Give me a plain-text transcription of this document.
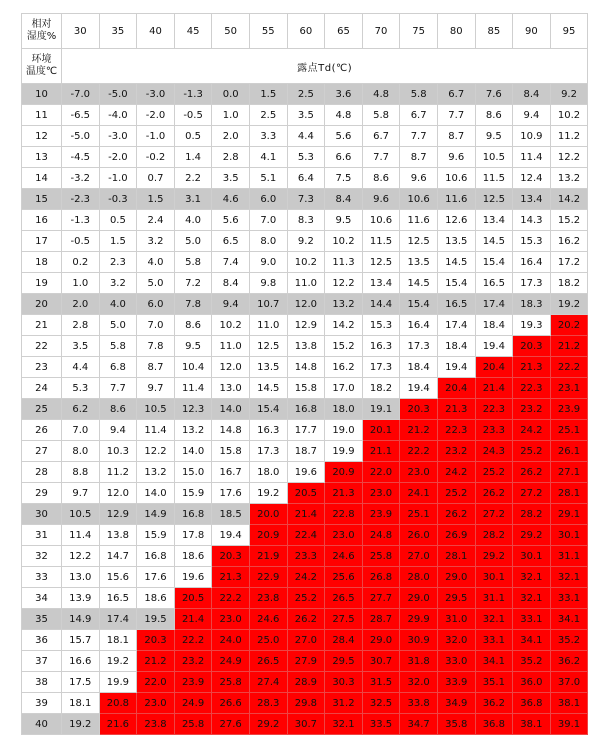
相对
湿度%	30	35	40	45	50	55	60	65	70	75	80	85	90	95
环境
温度℃	露点Td(℃)													
10	-7.0	-5.0	-3.0	-1.3	0.0	1.5	2.5	3.6	4.8	5.8	6.7	7.6	8.4	9.2
11	-6.5	-4.0	-2.0	-0.5	1.0	2.5	3.5	4.8	5.8	6.7	7.7	8.6	9.4	10.2
12	-5.0	-3.0	-1.0	0.5	2.0	3.3	4.4	5.6	6.7	7.7	8.7	9.5	10.9	11.2
13	-4.5	-2.0	-0.2	1.4	2.8	4.1	5.3	6.6	7.7	8.7	9.6	10.5	11.4	12.2
14	-3.2	-1.0	0.7	2.2	3.5	5.1	6.4	7.5	8.6	9.6	10.6	11.5	12.4	13.2
15	-2.3	-0.3	1.5	3.1	4.6	6.0	7.3	8.4	9.6	10.6	11.6	12.5	13.4	14.2
16	-1.3	0.5	2.4	4.0	5.6	7.0	8.3	9.5	10.6	11.6	12.6	13.4	14.3	15.2
17	-0.5	1.5	3.2	5.0	6.5	8.0	9.2	10.2	11.5	12.5	13.5	14.5	15.3	16.2
18	0.2	2.3	4.0	5.8	7.4	9.0	10.2	11.3	12.5	13.5	14.5	15.4	16.4	17.2
19	1.0	3.2	5.0	7.2	8.4	9.8	11.0	12.2	13.4	14.5	15.4	16.5	17.3	18.2
20	2.0	4.0	6.0	7.8	9.4	10.7	12.0	13.2	14.4	15.4	16.5	17.4	18.3	19.2
21	2.8	5.0	7.0	8.6	10.2	11.0	12.9	14.2	15.3	16.4	17.4	18.4	19.3	20.2
22	3.5	5.8	7.8	9.5	11.0	12.5	13.8	15.2	16.3	17.3	18.4	19.4	20.3	21.2
23	4.4	6.8	8.7	10.4	12.0	13.5	14.8	16.2	17.3	18.4	19.4	20.4	21.3	22.2
24	5.3	7.7	9.7	11.4	13.0	14.5	15.8	17.0	18.2	19.4	20.4	21.4	22.3	23.1
25	6.2	8.6	10.5	12.3	14.0	15.4	16.8	18.0	19.1	20.3	21.3	22.3	23.2	23.9
26	7.0	9.4	11.4	13.2	14.8	16.3	17.7	19.0	20.1	21.2	22.3	23.3	24.2	25.1
27	8.0	10.3	12.2	14.0	15.8	17.3	18.7	19.9	21.1	22.2	23.2	24.3	25.2	26.1
28	8.8	11.2	13.2	15.0	16.7	18.0	19.6	20.9	22.0	23.0	24.2	25.2	26.2	27.1
29	9.7	12.0	14.0	15.9	17.6	19.2	20.5	21.3	23.0	24.1	25.2	26.2	27.2	28.1
30	10.5	12.9	14.9	16.8	18.5	20.0	21.4	22.8	23.9	25.1	26.2	27.2	28.2	29.1
31	11.4	13.8	15.9	17.8	19.4	20.9	22.4	23.0	24.8	26.0	26.9	28.2	29.2	30.1
32	12.2	14.7	16.8	18.6	20.3	21.9	23.3	24.6	25.8	27.0	28.1	29.2	30.1	31.1
33	13.0	15.6	17.6	19.6	21.3	22.9	24.2	25.6	26.8	28.0	29.0	30.1	32.1	32.1
34	13.9	16.5	18.6	20.5	22.2	23.8	25.2	26.5	27.7	29.0	29.5	31.1	32.1	33.1
35	14.9	17.4	19.5	21.4	23.0	24.6	26.2	27.5	28.7	29.9	31.0	32.1	33.1	34.1
36	15.7	18.1	20.3	22.2	24.0	25.0	27.0	28.4	29.0	30.9	32.0	33.1	34.1	35.2
37	16.6	19.2	21.2	23.2	24.9	26.5	27.9	29.5	30.7	31.8	33.0	34.1	35.2	36.2
38	17.5	19.9	22.0	23.9	25.8	27.4	28.9	30.3	31.5	32.0	33.9	35.1	36.0	37.0
39	18.1	20.8	23.0	24.9	26.6	28.3	29.8	31.2	32.5	33.8	34.9	36.2	36.8	38.1
40	19.2	21.6	23.8	25.8	27.6	29.2	30.7	32.1	33.5	34.7	35.8	36.8	38.1	39.1
